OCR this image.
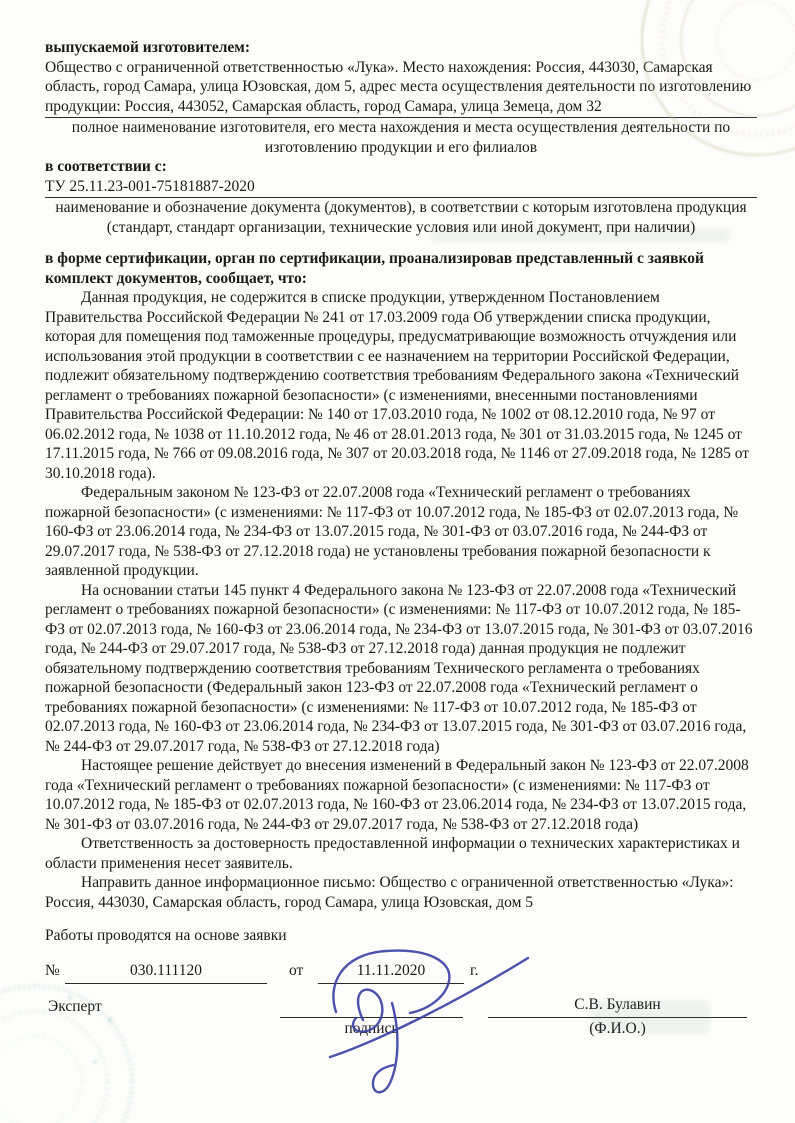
выпускаемой изготовителем:

Общество с ограниченной ответственностью «Лука». Место нахождения: Россия, 443030, Самарская область, город Самара, улица Юзовская, дом 5, адрес места осуществления деятельности по изготовлению продукции: Россия, 443052, Самарская область, город Самара, улица Земеца, дом 32

полное наименование изготовителя, его места нахождения и места осуществления деятельности по изготовлению продукции и его филиалов

в соответствии с:

ТУ 25.11.23-001-75181887-2020

наименование и обозначение документа (документов), в соответствии с которым изготовлена продукция (стандарт, стандарт организации, технические условия или иной документ, при наличии)

в форме сертификации, орган по сертификации, проанализировав представленный с заявкой комплект документов, сообщает, что:

Данная продукция, не содержится в списке продукции, утвержденном Постановлением Правительства Российской Федерации № 241 от 17.03.2009 года Об утверждении списка продукции, которая для помещения под таможенные процедуры, предусматривающие возможность отчуждения или использования этой продукции в соответствии с ее назначением на территории Российской Федерации, подлежит обязательному подтверждению соответствия требованиям Федерального закона «Технический регламент о требованиях пожарной безопасности» (с изменениями, внесенными постановлениями Правительства Российской Федерации: № 140 от 17.03.2010 года, № 1002 от 08.12.2010 года, № 97 от 06.02.2012 года, № 1038 от 11.10.2012 года, № 46 от 28.01.2013 года, № 301 от 31.03.2015 года, № 1245 от 17.11.2015 года, № 766 от 09.08.2016 года, № 307 от 20.03.2018 года, № 1146 от 27.09.2018 года, № 1285 от 30.10.2018 года).

Федеральным законом № 123-ФЗ от 22.07.2008 года «Технический регламент о требованиях пожарной безопасности» (с изменениями: № 117-ФЗ от 10.07.2012 года, № 185-ФЗ от 02.07.2013 года, № 160-ФЗ от 23.06.2014 года, № 234-ФЗ от 13.07.2015 года, № 301-ФЗ от 03.07.2016 года, № 244-ФЗ от 29.07.2017 года, № 538-ФЗ от 27.12.2018 года) не установлены требования пожарной безопасности к заявленной продукции.

На основании статьи 145 пункт 4 Федерального закона № 123-ФЗ от 22.07.2008 года «Технический регламент о требованиях пожарной безопасности» (с изменениями: № 117-ФЗ от 10.07.2012 года, № 185-ФЗ от 02.07.2013 года, № 160-ФЗ от 23.06.2014 года, № 234-ФЗ от 13.07.2015 года, № 301-ФЗ от 03.07.2016 года, № 244-ФЗ от 29.07.2017 года, № 538-ФЗ от 27.12.2018 года) данная продукция не подлежит обязательному подтверждению соответствия требованиям Технического регламента о требованиях пожарной безопасности (Федеральный закон 123-ФЗ от 22.07.2008 года «Технический регламент о требованиях пожарной безопасности» (с изменениями: № 117-ФЗ от 10.07.2012 года, № 185-ФЗ от 02.07.2013 года, № 160-ФЗ от 23.06.2014 года, № 234-ФЗ от 13.07.2015 года, № 301-ФЗ от 03.07.2016 года, № 244-ФЗ от 29.07.2017 года, № 538-ФЗ от 27.12.2018 года)

Настоящее решение действует до внесения изменений в Федеральный закон № 123-ФЗ от 22.07.2008 года «Технический регламент о требованиях пожарной безопасности» (с изменениями: № 117-ФЗ от 10.07.2012 года, № 185-ФЗ от 02.07.2013 года, № 160-ФЗ от 23.06.2014 года, № 234-ФЗ от 13.07.2015 года, № 301-ФЗ от 03.07.2016 года, № 244-ФЗ от 29.07.2017 года, № 538-ФЗ от 27.12.2018 года)

Ответственность за достоверность предоставленной информации о технических характеристиках и области применения несет заявитель.

Направить данное информационное письмо: Общество с ограниченной ответственностью «Лука»: Россия, 443030, Самарская область, город Самара, улица Юзовская, дом 5

Работы проводятся на основе заявки

№	030.111120	от	11.11.2020	г.
Эксперт
подпись
С.В. Булавин
(Ф.И.О.)
